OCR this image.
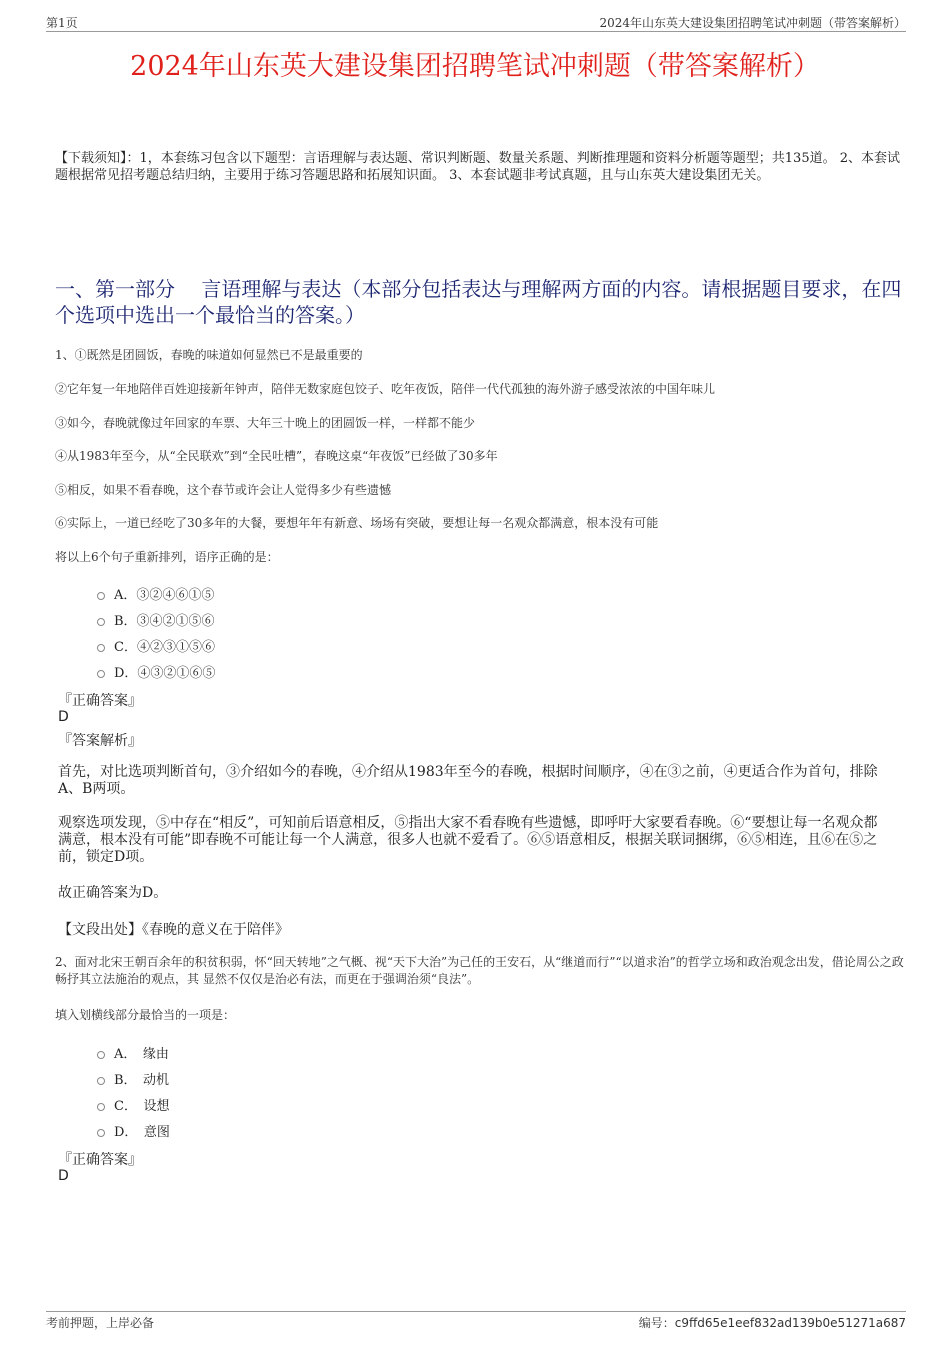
第1页	2024年山东英大建设集团招聘笔试冲刺题（带答案解析）
2024年山东英大建设集团招聘笔试冲刺题（带答案解析）
【下载须知】：1，本套练习包含以下题型：言语理解与表达题、常识判断题、数量关系题、判断推理题和资料分析题等题型；共135道。 2、本套试题根据常见招考题总结归纳，主要用于练习答题思路和拓展知识面。 3、本套试题非考试真题，且与山东英大建设集团无关。
一、第一部分　 言语理解与表达（本部分包括表达与理解两方面的内容。请根据题目要求，在四个选项中选出一个最恰当的答案。）
1、①既然是团圆饭，春晚的味道如何显然已不是最重要的
②它年复一年地陪伴百姓迎接新年钟声，陪伴无数家庭包饺子、吃年夜饭，陪伴一代代孤独的海外游子感受浓浓的中国年味儿
③如今，春晚就像过年回家的车票、大年三十晚上的团圆饭一样，一样都不能少
④从1983年至今，从“全民联欢”到“全民吐槽”，春晚这桌“年夜饭”已经做了30多年
⑤相反，如果不看春晚，这个春节或许会让人觉得多少有些遗憾
⑥实际上，一道已经吃了30多年的大餐，要想年年有新意、场场有突破，要想让每一名观众都满意，根本没有可能
将以上6个句子重新排列，语序正确的是：
A．③②④⑥①⑤
B．③④②①⑤⑥
C．④②③①⑤⑥
D．④③②①⑥⑤
『正确答案』
D
『答案解析』
首先，对比选项判断首句，③介绍如今的春晚，④介绍从1983年至今的春晚，根据时间顺序，④在③之前，④更适合作为首句，排除A、B两项。
观察选项发现，⑤中存在“相反”，可知前后语意相反，⑤指出大家不看春晚有些遗憾，即呼吁大家要看春晚。⑥“要想让每一名观众都满意，根本没有可能”即春晚不可能让每一个人满意，很多人也就不爱看了。⑥⑤语意相反，根据关联词捆绑，⑥⑤相连，且⑥在⑤之前，锁定D项。
故正确答案为D。
【文段出处】《春晚的意义在于陪伴》
2、面对北宋王朝百余年的积贫积弱，怀“回天转地”之气概、视“天下大治”为己任的王安石，从“继道而行”“以道求治”的哲学立场和政治观念出发，借论周公之政畅抒其立法施治的观点，其 显然不仅仅是治必有法，而更在于强调治须“良法”。
填入划横线部分最恰当的一项是：
A．　缘由
B．　动机
C．　设想
D．　意图
『正确答案』
D
考前押题，上岸必备	编号：c9ffd65e1eef832ad139b0e51271a687
